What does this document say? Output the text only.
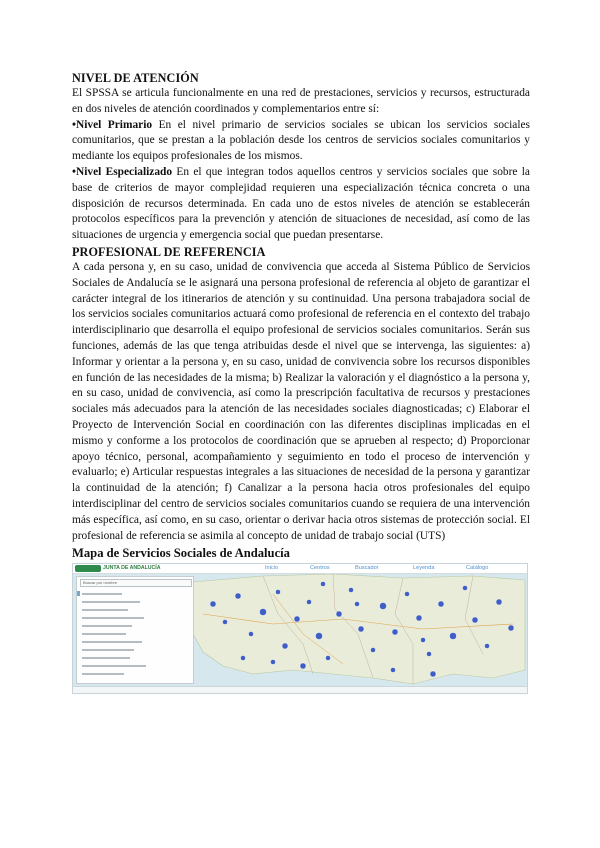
NIVEL DE ATENCIÓN

El SPSSA se articula funcionalmente en una red de prestaciones, servicios y recursos, estructurada en dos niveles de atención coordinados y complementarios entre sí:

•Nivel Primario En el nivel primario de servicios sociales se ubican los servicios sociales comunitarios, que se prestan a la población desde los centros de servicios sociales comunitarios y mediante los equipos profesionales de los mismos.

•Nivel Especializado En el que integran todos aquellos centros y servicios sociales que sobre la base de criterios de mayor complejidad requieren una especialización técnica concreta o una disposición de recursos determinada. En cada uno de estos niveles de atención se establecerán protocolos específicos para la prevención y atención de situaciones de necesidad, así como de las situaciones de urgencia y emergencia social que puedan presentarse.

PROFESIONAL DE REFERENCIA

A cada persona y, en su caso, unidad de convivencia que acceda al Sistema Público de Servicios Sociales de Andalucía se le asignará una persona profesional de referencia al objeto de garantizar el carácter integral de los itinerarios de atención y su continuidad. Una persona trabajadora social de los servicios sociales comunitarios actuará como profesional de referencia en el contexto del trabajo interdisciplinario que desarrolla el equipo profesional de servicios sociales comunitarios. Serán sus funciones, además de las que tenga atribuidas desde el nivel que se intervenga, las siguientes: a) Informar y orientar a la persona y, en su caso, unidad de convivencia sobre los recursos disponibles en función de las necesidades de la misma; b) Realizar la valoración y el diagnóstico a la persona y, en su caso, unidad de convivencia, así como la prescripción facultativa de recursos y prestaciones sociales más adecuados para la atención de las necesidades sociales diagnosticadas; c) Elaborar el Proyecto de Intervención Social en coordinación con las diferentes disciplinas implicadas en el mismo y conforme a los protocolos de coordinación que se aprueben al respecto; d) Proporcionar apoyo técnico, personal, acompañamiento y seguimiento en todo el proceso de intervención y evaluarlo; e) Articular respuestas integrales a las situaciones de necesidad de la persona y garantizar la continuidad de la atención; f) Canalizar a la persona hacia otros profesionales del equipo interdisciplinar del centro de servicios sociales comunitarios cuando se requiera de una intervención más específica, así como, en su caso, orientar o derivar hacia otros sistemas de protección social. El profesional de referencia se asimila al concepto de unidad de trabajo social (UTS)

Mapa de Servicios Sociales de Andalucía
JUNTA DE ANDALUCÍA	Inicio	Centros	Buscador	Leyenda	Catálogo
Buscar por nombre
